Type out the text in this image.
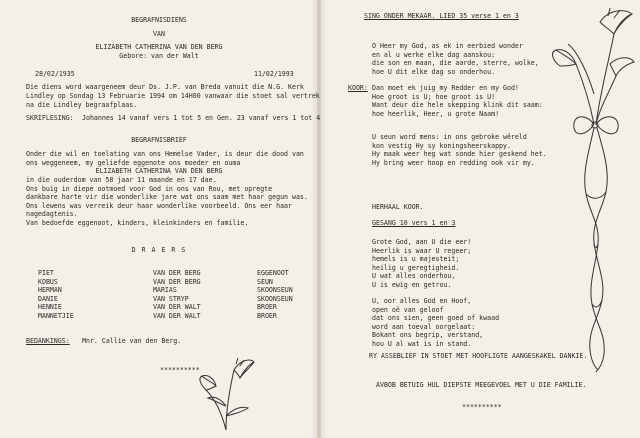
BEGRAFNISDIENS
VAN
ELIZABETH CATHERINA VAN DEN BERG
Gebore: van der Walt
28/02/1935	11/02/1993
Die diens word waargeneem deur Ds. J.P. van Breda vanuit die N.G. Kerk
Lindley op Sondag 13 Februarie 1994 om 14H00 vanwaar die stoet sal vertrek
na die Lindley begraafplaas.
SKRIFLESING: Johannes 14 vanaf vers 1 tot 5 en Gen. 23 vanaf vers 1 tot 4
BEGRAFNISBRIEF
Onder die wil en toelating van ons Hemelse Vader, is deur die dood van
ons weggeneem, my geliefde eggenote ons moeder en ouma
ELIZABETH CATHERINA VAN DEN BERG
in die ouderdom van 58 jaar 11 maande en 17 dae.
Ons buig in diepe ootmoed voor God in ons van Rou, met opregte
dankbare harte vir die wonderlike jare wat ons saam met haar gegun was.
Ons lewens was verreik deur haar wonderlike voorbeeld. Ons eer haar
nagedagtenis.
Van bedoefde eggenoot, kinders, kleinkinders en familie.
D R A E R S
PIET	VAN DER BERG	EGGENOOT
KOBUS	VAN DER BERG	SEUN
HERMAN	MARIAS	SKOONSEUN
DANIE	VAN STRYP	SKOONSEUN
HENNIE	VAN DER WALT	BROER
MANNETJIE	VAN DER WALT	BROER
BEDANKINGS: Mnr. Callie van den Berg.
**********
SING ONDER MEKAAR. LIED 35 verse 1 en 3
O Heer my God, as ek in eerbied wonder
en al u werke elke dag aanskou:
die son en maan, die aarde, sterre, wolke,
hoe U dit elke dag so onderhou.
KOOR: Dan moet ek juig my Redder en my God!
Hoe groot is U; hoe groot is U!
Want deur die hele skepping klink dit saam:
hoe heerlik, Heer, u grote Naam!
U seun word mens: in ons gebroke wêreld
kon vestig Hy sy koningsheerskappy.
Hy maak weer heg wat sonde hier geskend het.
Hy bring weer hoop en redding ook vir my.
HERHAAL KOOR.
GESANG 10 vers 1 en 3
Grote God, aan U die eer!
Heerlik is waar U regeer;
hemels is u majesteit;
heilig u geregtigheid.
U wat alles onderhou,
U is ewig en getrou.
U, oor alles God en Hoof,
open oë van geloof
dat ons sien, geen goed of kwaad
word aan toeval oorgelaat:
Bokant ons begrip, verstand,
hou U al wat is in stand.
RY ASSEBLIEF IN STOET MET HOOFLIGTE AANGESKAKEL DANKIE.
AVBOB BETUIG HUL DIEPSTE MEEGEVOEL MET U DIE FAMILIE.
**********
